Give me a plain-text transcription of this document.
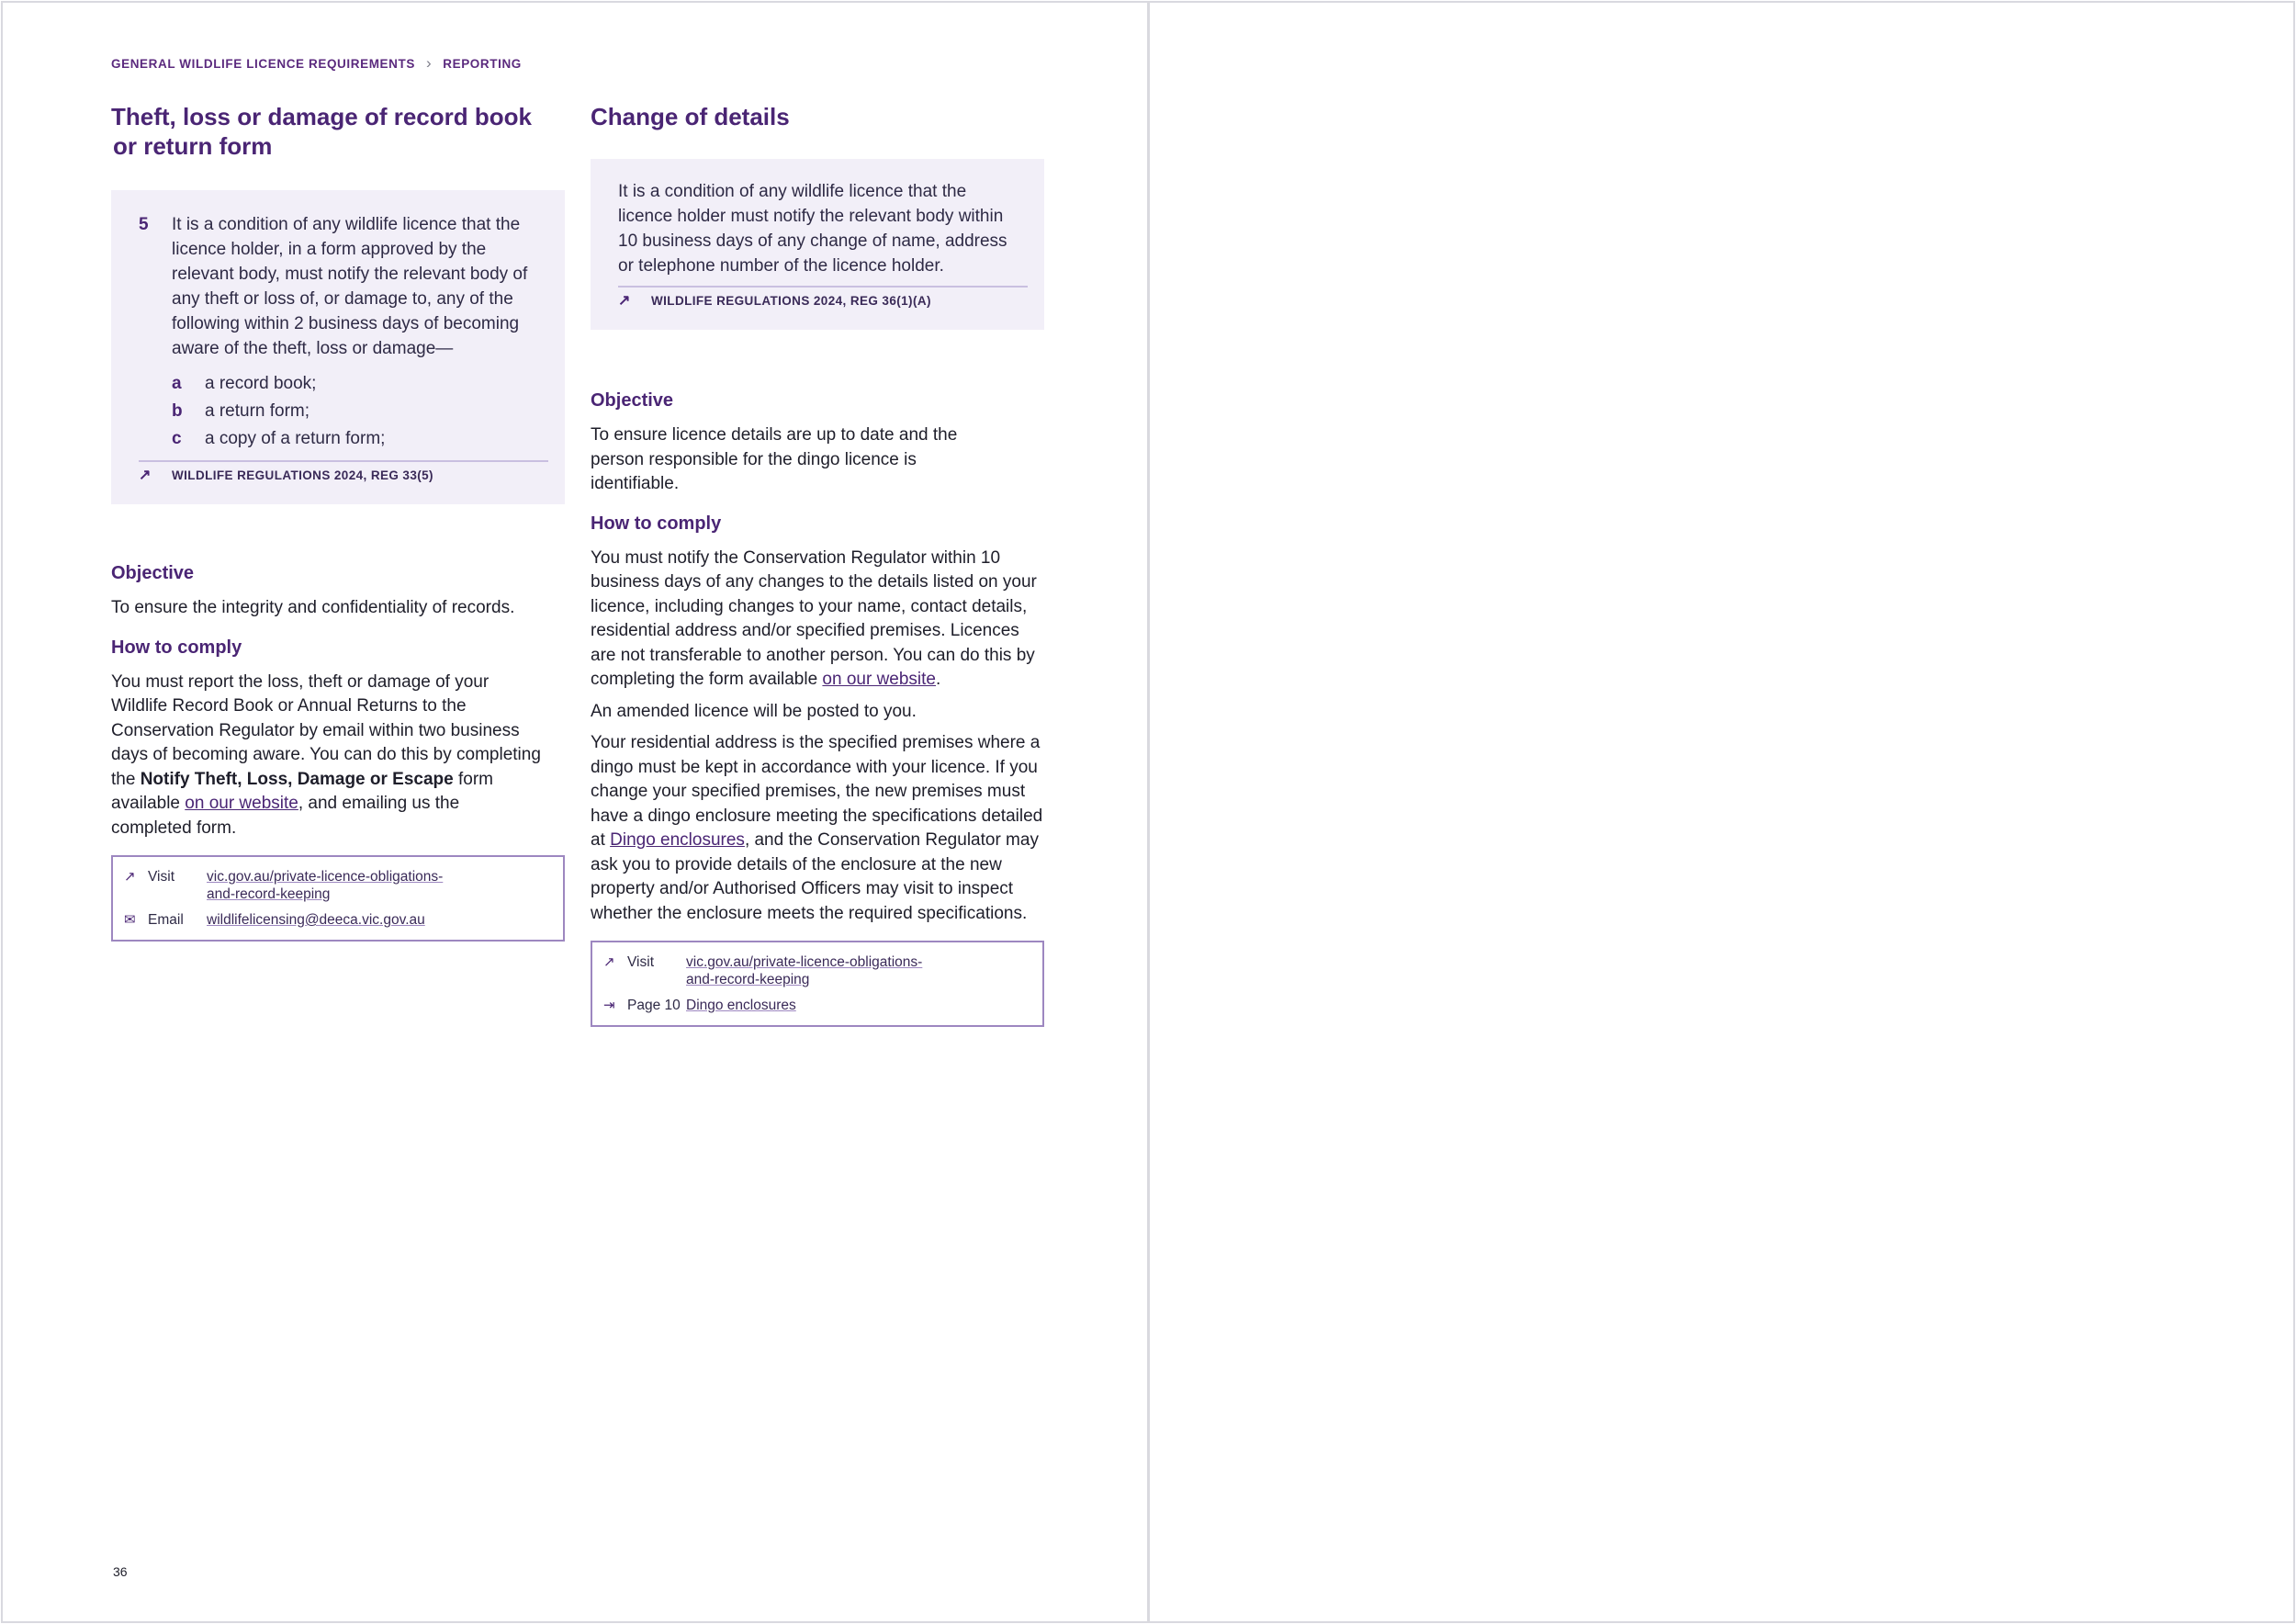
GENERAL WILDLIFE LICENCE REQUIREMENTS › REPORTING
Theft, loss or damage of record book
or return form
5	It is a condition of any wildlife licence that the licence holder, in a form approved by the relevant body, must notify the relevant body of any theft or loss of, or damage to, any of the following within 2 business days of becoming aware of the theft, loss or damage—
a	a record book;
b	a return form;
c	a copy of a return form;
↗	WILDLIFE REGULATIONS 2024, REG 33(5)
Objective

To ensure the integrity and confidentiality of records.

How to comply

You must report the loss, theft or damage of your Wildlife Record Book or Annual Returns to the Conservation Regulator by email within two business days of becoming aware. You can do this by completing the Notify Theft, Loss, Damage or Escape form available on our website, and emailing us the completed form.

↗ Visit	vic.gov.au/private-licence-obligations-
and-record-keeping
✉ Email	wildlifelicensing@deeca.vic.gov.au
Change of details
It is a condition of any wildlife licence that the licence holder must notify the relevant body within 10 business days of any change of name, address or telephone number of the licence holder.
↗	WILDLIFE REGULATIONS 2024, REG 36(1)(A)
Objective

To ensure licence details are up to date and the person responsible for the dingo licence is identifiable.

How to comply

You must notify the Conservation Regulator within 10 business days of any changes to the details listed on your licence, including changes to your name, contact details, residential address and/or specified premises. Licences are not transferable to another person. You can do this by completing the form available on our website.

An amended licence will be posted to you.

Your residential address is the specified premises where a dingo must be kept in accordance with your licence. If you change your specified premises, the new premises must have a dingo enclosure meeting the specifications detailed at Dingo enclosures, and the Conservation Regulator may ask you to provide details of the enclosure at the new property and/or Authorised Officers may visit to inspect whether the enclosure meets the required specifications.

↗ Visit	vic.gov.au/private-licence-obligations-
and-record-keeping
⇥ Page 10 Dingo enclosures
36
